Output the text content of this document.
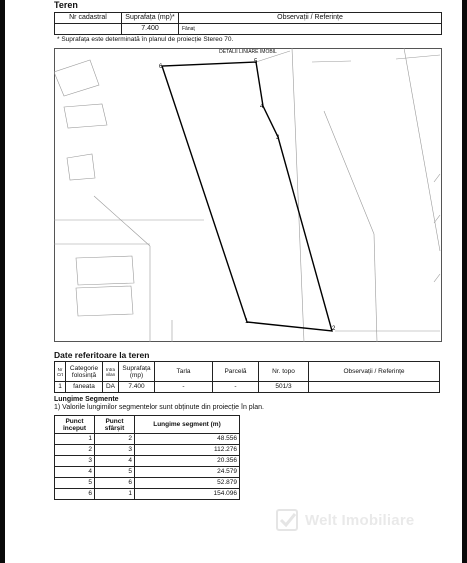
Teren
Nr cadastral	Suprafața (mp)*	Observații / Referințe
	7.400	Fânaț
* Suprafața este determinată în planul de proiecție Stereo 70.
DETALII LINIARE IMOBIL
1
2
3
4
5
6
Date referitoare la teren
Nr Crt	Categorie folosință	Intra vilan	Suprafața (mp)	Tarla	Parcelă	Nr. topo	Observații / Referințe
1	faneata	DA	7.400	-	-	501/3	
Lungime Segmente
1) Valorile lungimilor segmentelor sunt obținute din proiecție în plan.
Punct început	Punct sfârșit	Lungime segment (m)
1	2	48.556
2	3	112.276
3	4	20.356
4	5	24.579
5	6	52.879
6	1	154.096
Welt Imobiliare
